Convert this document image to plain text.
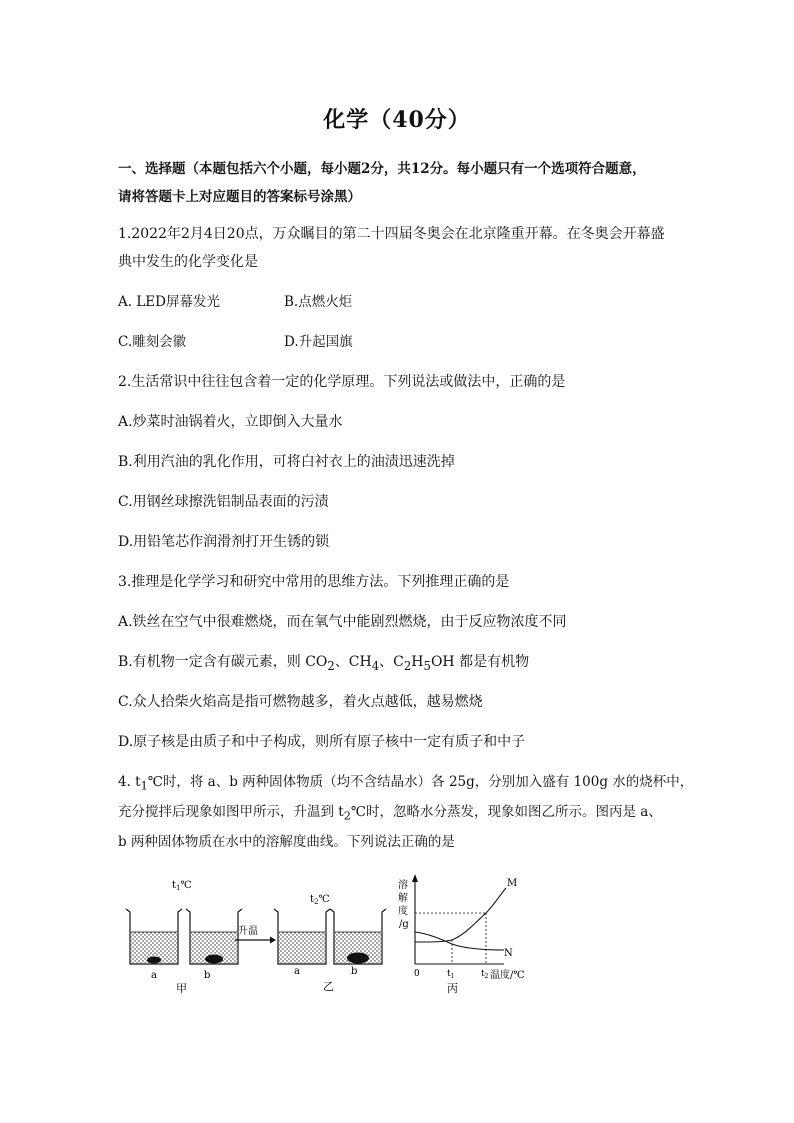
化学（40分）
一、选择题（本题包括六个小题，每小题2分，共12分。每小题只有一个选项符合题意，
请将答题卡上对应题目的答案标号涂黑）
1.2022年2月4日20点，万众瞩目的第二十四届冬奥会在北京隆重开幕。在冬奥会开幕盛
典中发生的化学变化是
A. LED屏幕发光	B.点燃火炬
C.雕刻会徽	D.升起国旗
2.生活常识中往往包含着一定的化学原理。下列说法或做法中，正确的是
A.炒菜时油锅着火，立即倒入大量水
B.利用汽油的乳化作用，可将白衬衣上的油渍迅速洗掉
C.用钢丝球擦洗铝制品表面的污渍
D.用铅笔芯作润滑剂打开生锈的锁
3.推理是化学学习和研究中常用的思维方法。下列推理正确的是
A.铁丝在空气中很难燃烧，而在氧气中能剧烈燃烧，由于反应物浓度不同
B.有机物一定含有碳元素，则 $CO_2$、$CH_4$、$C_2H_5OH$ 都是有机物
C.众人拾柴火焰高是指可燃物越多，着火点越低，越易燃烧
D.原子核是由质子和中子构成，则所有原子核中一定有质子和中子
4. $t_1℃$时，将 a、b 两种固体物质（均不含结晶水）各 25g，分别加入盛有 100g 水的烧杯中，
充分搅拌后现象如图甲所示，升温到 $t_2℃$时，忽略水分蒸发，现象如图乙所示。图丙是 a、
b 两种固体物质在水中的溶解度曲线。下列说法正确的是
$t_1℃$
a	b
甲
升温
$t_2℃$
a	b
乙
溶
解
度
/g
M
N
0	$t_1$	$t_2$ 温度/℃
丙
